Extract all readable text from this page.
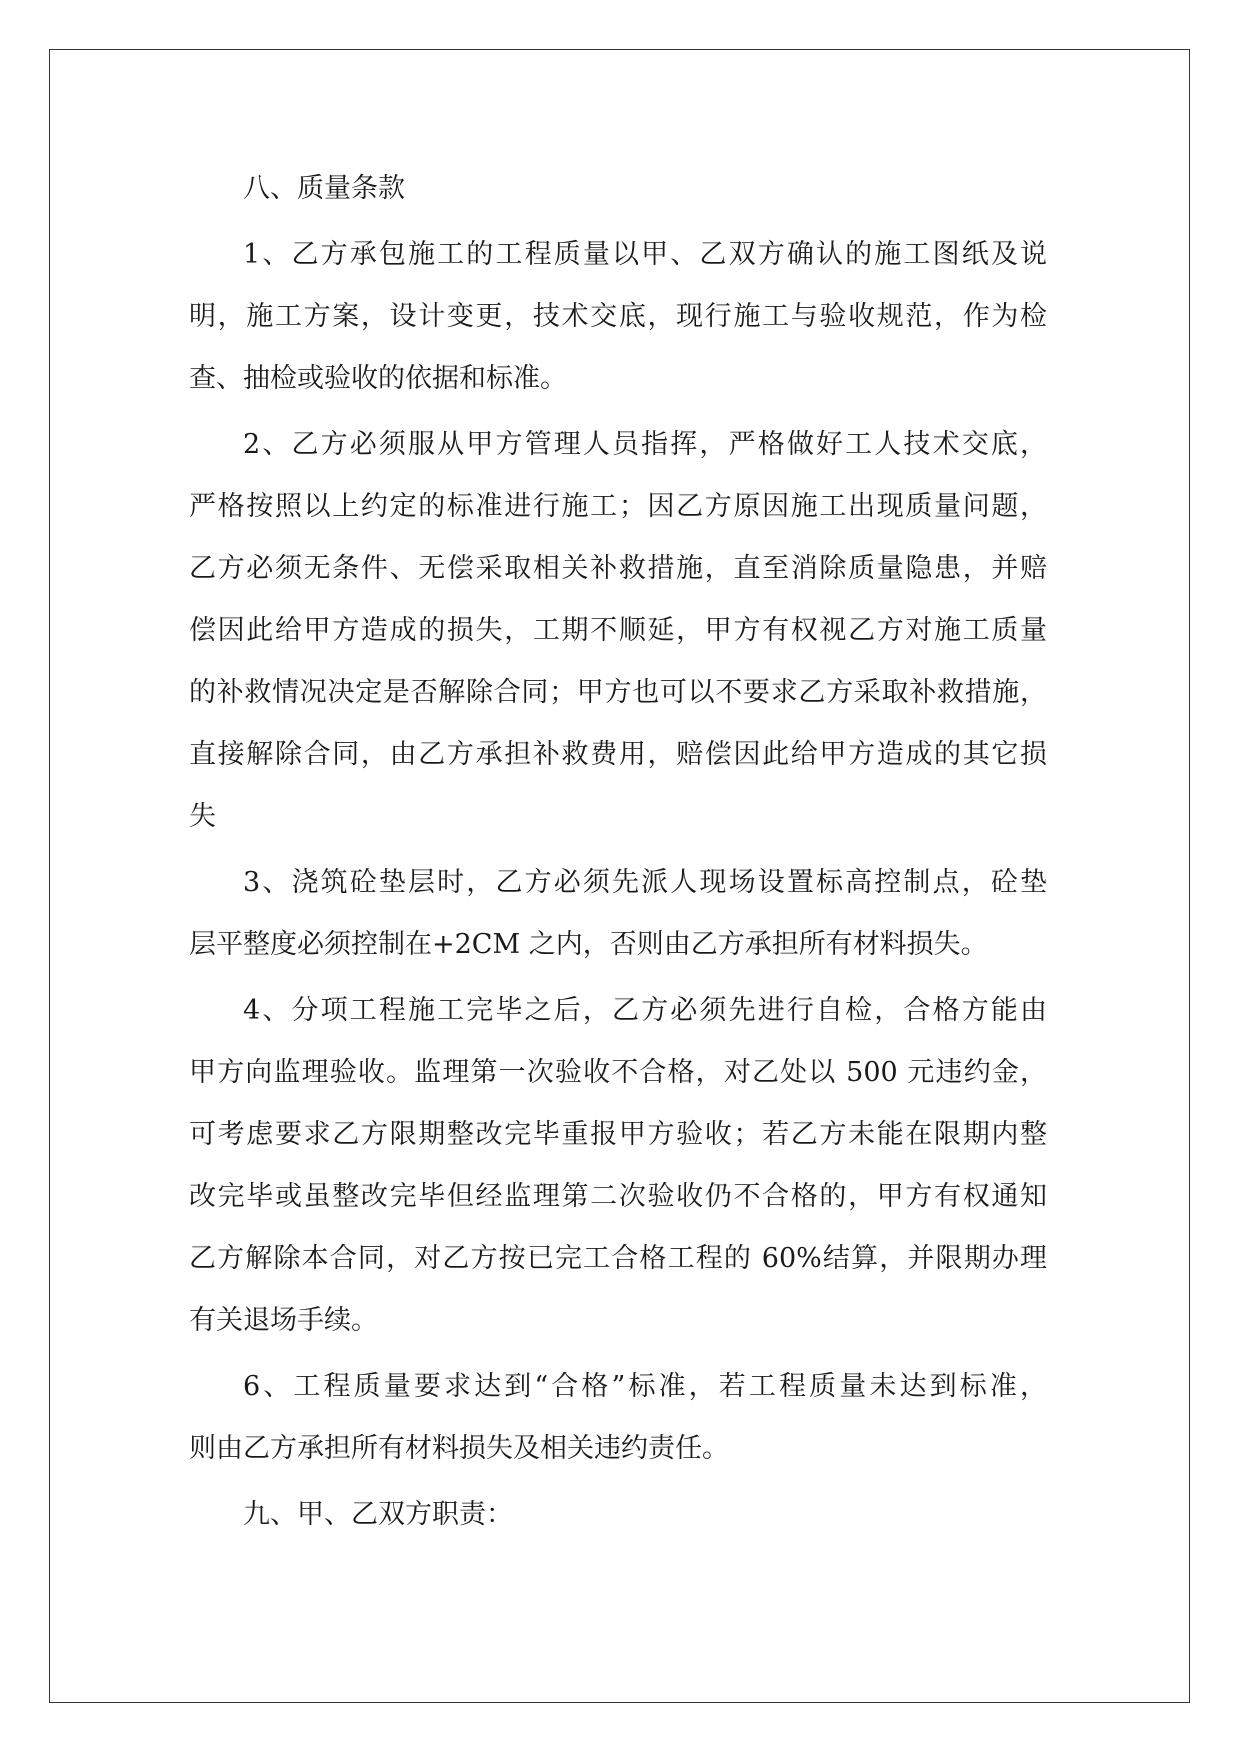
八、质量条款
1、乙方承包施工的工程质量以甲、乙双方确认的施工图纸及说
明，施工方案，设计变更，技术交底，现行施工与验收规范，作为检
查、抽检或验收的依据和标准。
2、乙方必须服从甲方管理人员指挥，严格做好工人技术交底，
严格按照以上约定的标准进行施工；因乙方原因施工出现质量问题，
乙方必须无条件、无偿采取相关补救措施，直至消除质量隐患，并赔
偿因此给甲方造成的损失，工期不顺延，甲方有权视乙方对施工质量
的补救情况决定是否解除合同；甲方也可以不要求乙方采取补救措施，
直接解除合同，由乙方承担补救费用，赔偿因此给甲方造成的其它损
失
3、浇筑砼垫层时，乙方必须先派人现场设置标高控制点，砼垫
层平整度必须控制在+2CM 之内，否则由乙方承担所有材料损失。
4、分项工程施工完毕之后，乙方必须先进行自检，合格方能由
甲方向监理验收。监理第一次验收不合格，对乙处以 500 元违约金，
可考虑要求乙方限期整改完毕重报甲方验收；若乙方未能在限期内整
改完毕或虽整改完毕但经监理第二次验收仍不合格的，甲方有权通知
乙方解除本合同，对乙方按已完工合格工程的 60%结算，并限期办理
有关退场手续。
6、工程质量要求达到“合格”标准，若工程质量未达到标准，
则由乙方承担所有材料损失及相关违约责任。
九、甲、乙双方职责：
